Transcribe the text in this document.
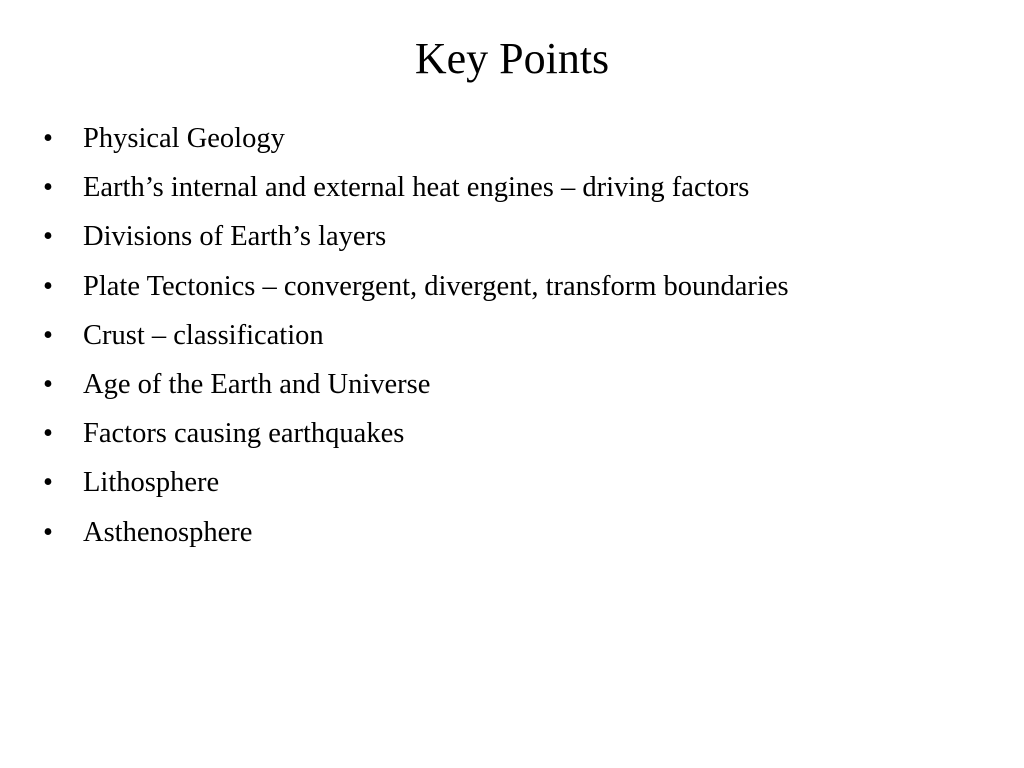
Key Points
• Physical Geology
• Earth’s internal and external heat engines – driving factors
• Divisions of Earth’s layers
• Plate Tectonics – convergent, divergent, transform boundaries
• Crust – classification
• Age of the Earth and Universe
• Factors causing earthquakes
• Lithosphere
• Asthenosphere
